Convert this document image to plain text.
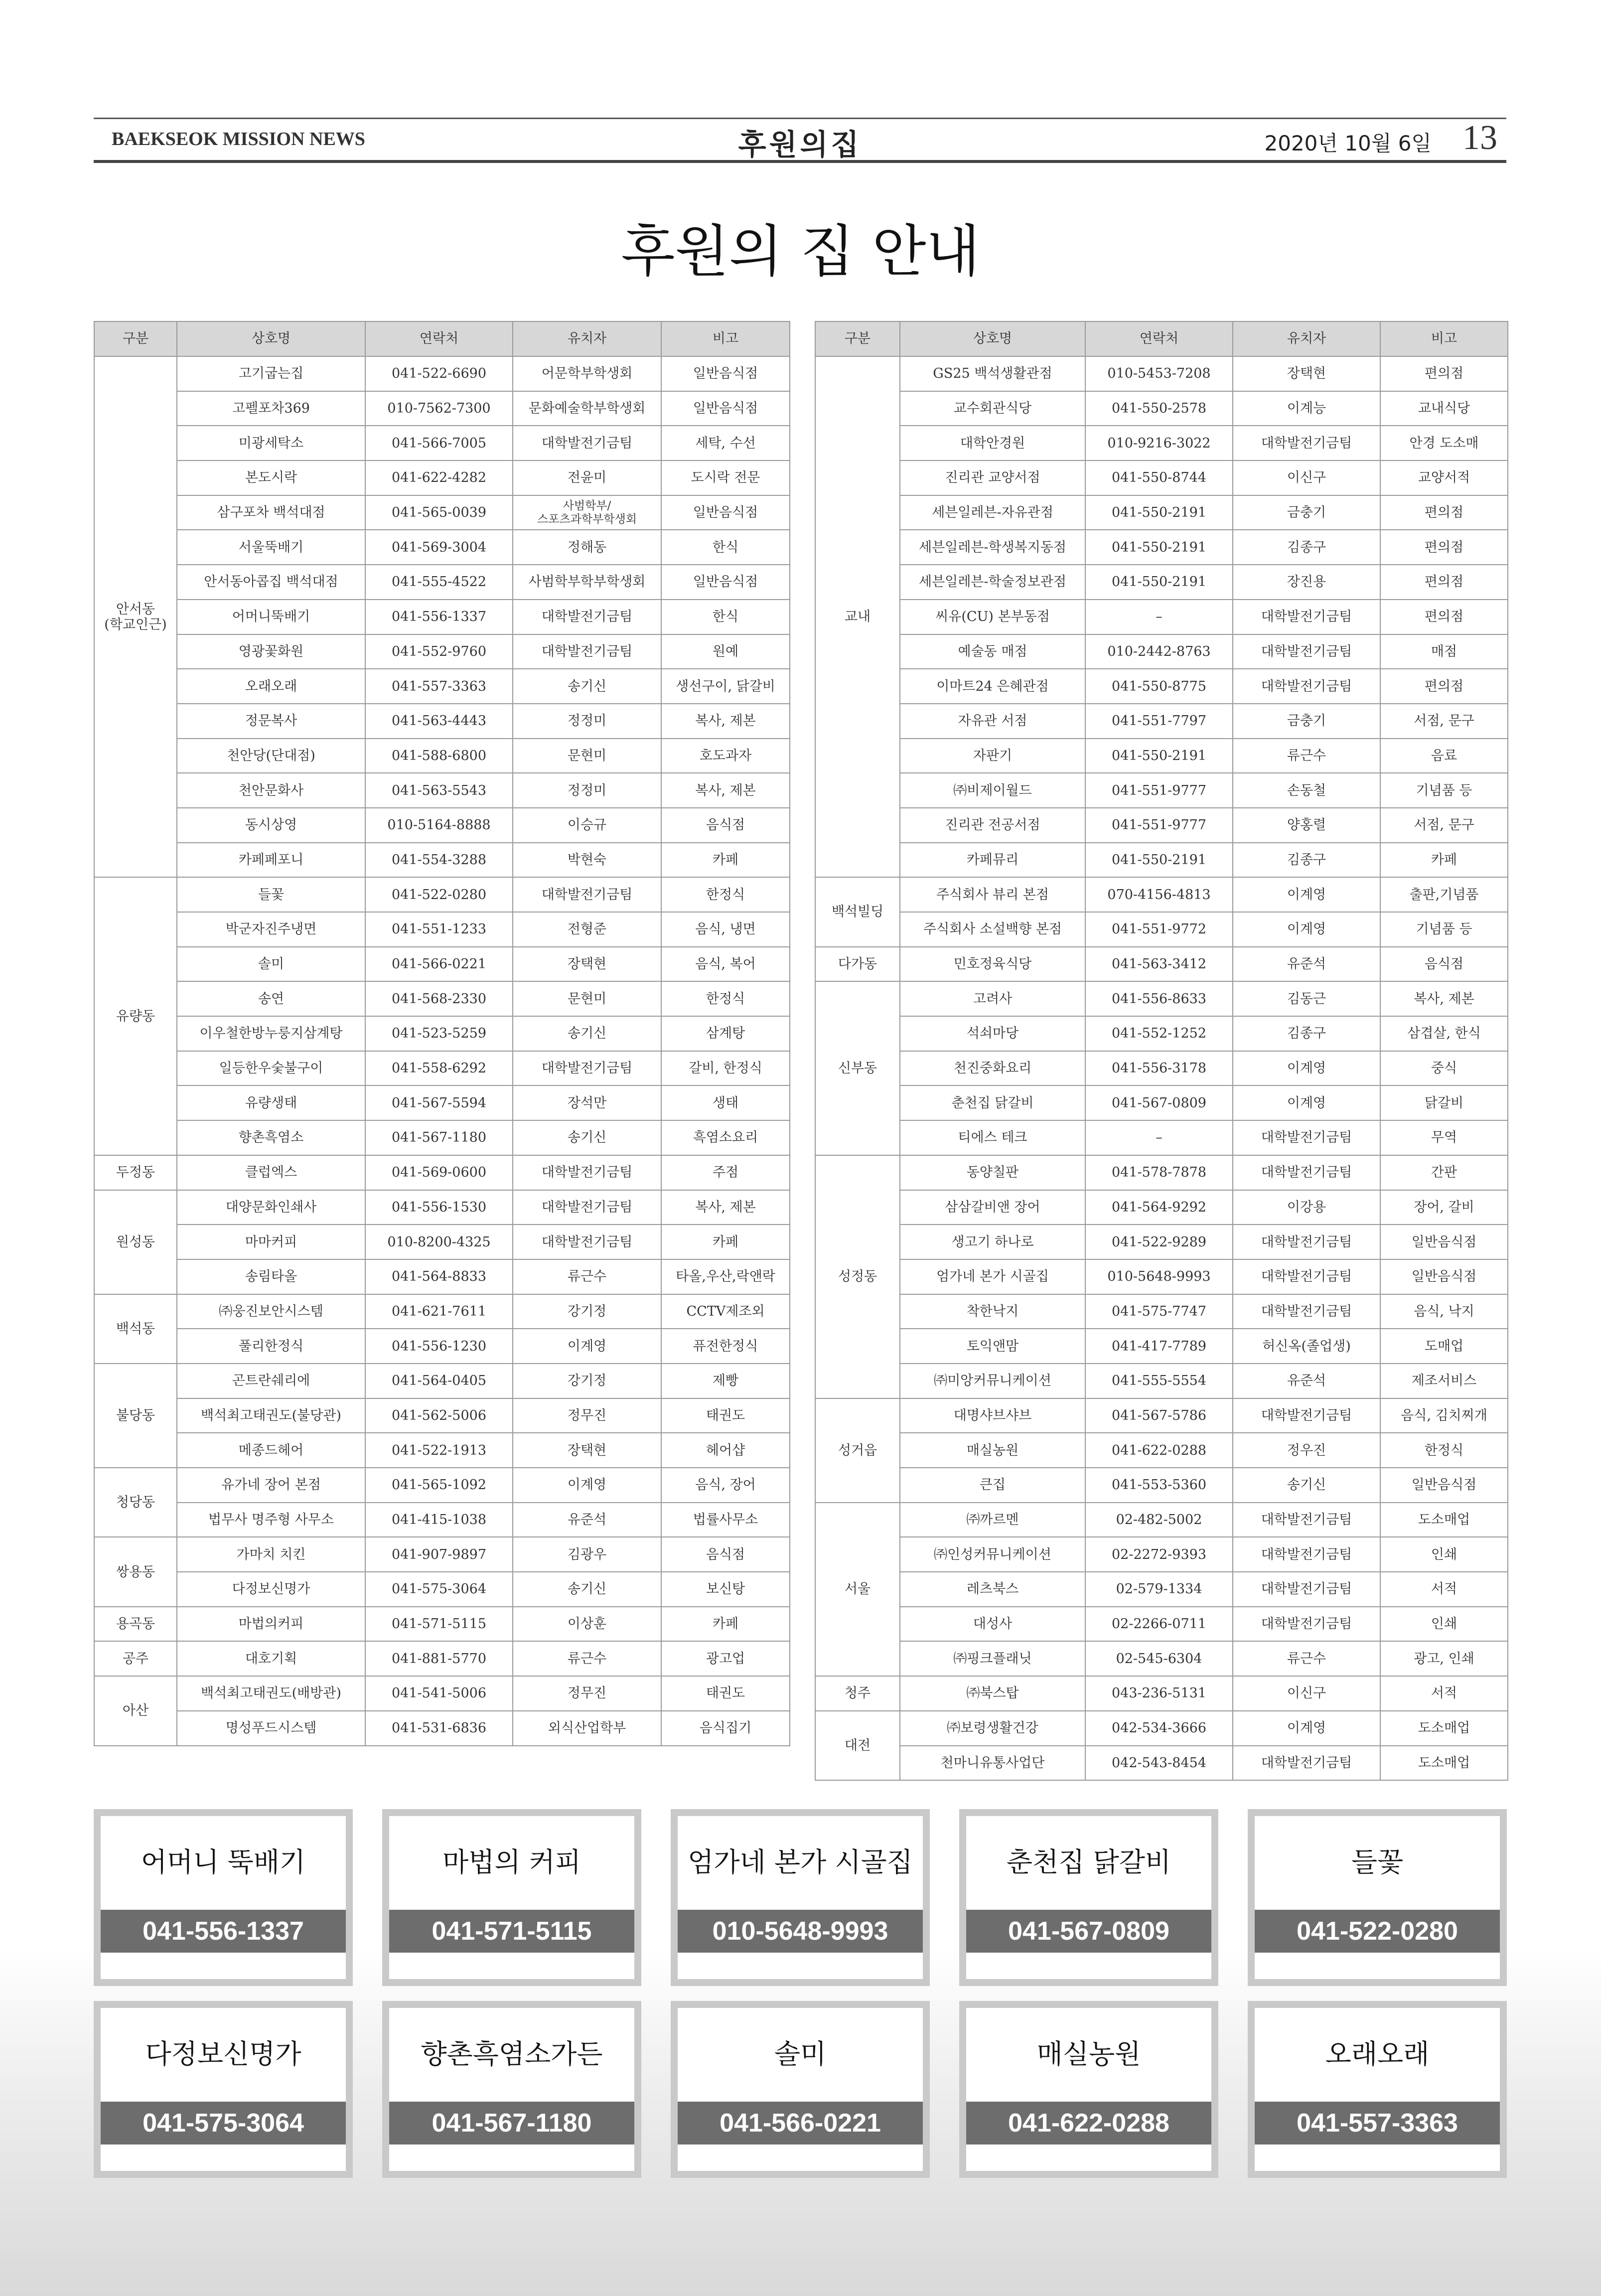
BAEKSEOK MISSION NEWS	후원의집	2020년 10월 6일 13
후원의 집 안내
구분	상호명	연락처	유치자	비고
안서동
(학교인근)	고기굽는집	041-522-6690	어문학부학생회	일반음식점
	고펠포차369	010-7562-7300	문화예술학부학생회	일반음식점
	미광세탁소	041-566-7005	대학발전기금팀	세탁, 수선
	본도시락	041-622-4282	전윤미	도시락 전문
	삼구포차 백석대점	041-565-0039	사범학부/
스포츠과학부학생회	일반음식점
	서울뚝배기	041-569-3004	정해동	한식
	안서동아콥집 백석대점	041-555-4522	사범학부학부학생회	일반음식점
	어머니뚝배기	041-556-1337	대학발전기금팀	한식
	영광꽃화원	041-552-9760	대학발전기금팀	원예
	오래오래	041-557-3363	송기신	생선구이, 닭갈비
	정문복사	041-563-4443	정정미	복사, 제본
	천안당(단대점)	041-588-6800	문현미	호도과자
	천안문화사	041-563-5543	정정미	복사, 제본
	동시상영	010-5164-8888	이승규	음식점
	카페페포니	041-554-3288	박현숙	카페
유량동	들꽃	041-522-0280	대학발전기금팀	한정식
	박군자진주냉면	041-551-1233	전형준	음식, 냉면
	솔미	041-566-0221	장택현	음식, 복어
	송연	041-568-2330	문현미	한정식
	이우철한방누룽지삼계탕	041-523-5259	송기신	삼계탕
	일등한우숯불구이	041-558-6292	대학발전기금팀	갈비, 한정식
	유량생태	041-567-5594	장석만	생태
	향촌흑염소	041-567-1180	송기신	흑염소요리
두정동	클럽엑스	041-569-0600	대학발전기금팀	주점
원성동	대양문화인쇄사	041-556-1530	대학발전기금팀	복사, 제본
	마마커피	010-8200-4325	대학발전기금팀	카페
	송림타올	041-564-8833	류근수	타올,우산,락앤락
백석동	㈜웅진보안시스템	041-621-7611	강기정	CCTV제조외
	풀리한정식	041-556-1230	이계영	퓨전한정식
불당동	곤트란쉐리에	041-564-0405	강기정	제빵
	백석최고태권도(불당관)	041-562-5006	정무진	태권도
	메종드헤어	041-522-1913	장택현	헤어샵
청당동	유가네 장어 본점	041-565-1092	이계영	음식, 장어
	법무사 명주형 사무소	041-415-1038	유준석	법률사무소
쌍용동	가마치 치킨	041-907-9897	김광우	음식점
	다정보신명가	041-575-3064	송기신	보신탕
용곡동	마법의커피	041-571-5115	이상훈	카페
공주	대호기획	041-881-5770	류근수	광고업
아산	백석최고태권도(배방관)	041-541-5006	정무진	태권도
	명성푸드시스템	041-531-6836	외식산업학부	음식집기
구분	상호명	연락처	유치자	비고
교내	GS25 백석생활관점	010-5453-7208	장택현	편의점
	교수회관식당	041-550-2578	이계능	교내식당
	대학안경원	010-9216-3022	대학발전기금팀	안경 도소매
	진리관 교양서점	041-550-8744	이신구	교양서적
	세븐일레븐-자유관점	041-550-2191	금충기	편의점
	세븐일레븐-학생복지동점	041-550-2191	김종구	편의점
	세븐일레븐-학술정보관점	041-550-2191	장진용	편의점
	씨유(CU) 본부동점	–	대학발전기금팀	편의점
	예술동 매점	010-2442-8763	대학발전기금팀	매점
	이마트24 은혜관점	041-550-8775	대학발전기금팀	편의점
	자유관 서점	041-551-7797	금충기	서점, 문구
	자판기	041-550-2191	류근수	음료
	㈜비제이월드	041-551-9777	손동철	기념품 등
	진리관 전공서점	041-551-9777	양홍렬	서점, 문구
	카페뮤리	041-550-2191	김종구	카페
백석빌딩	주식회사 뷰리 본점	070-4156-4813	이계영	출판,기념품
	주식회사 소설백향 본점	041-551-9772	이계영	기념품 등
다가동	민호정육식당	041-563-3412	유준석	음식점
신부동	고려사	041-556-8633	김동근	복사, 제본
	석쇠마당	041-552-1252	김종구	삼겹살, 한식
	천진중화요리	041-556-3178	이계영	중식
	춘천집 닭갈비	041-567-0809	이계영	닭갈비
	티에스 테크	–	대학발전기금팀	무역
성정동	동양칠판	041-578-7878	대학발전기금팀	간판
	삼삼갈비앤 장어	041-564-9292	이강용	장어, 갈비
	생고기 하나로	041-522-9289	대학발전기금팀	일반음식점
	엄가네 본가 시골집	010-5648-9993	대학발전기금팀	일반음식점
	착한낙지	041-575-7747	대학발전기금팀	음식, 낙지
	토익앤맘	041-417-7789	허신옥(졸업생)	도매업
	㈜미앙커뮤니케이션	041-555-5554	유준석	제조서비스
성거읍	대명샤브샤브	041-567-5786	대학발전기금팀	음식, 김치찌개
	매실농원	041-622-0288	정우진	한정식
	큰집	041-553-5360	송기신	일반음식점
서울	㈜까르멘	02-482-5002	대학발전기금팀	도소매업
	㈜인성커뮤니케이션	02-2272-9393	대학발전기금팀	인쇄
	레츠북스	02-579-1334	대학발전기금팀	서적
	대성사	02-2266-0711	대학발전기금팀	인쇄
	㈜핑크플래닛	02-545-6304	류근수	광고, 인쇄
청주	㈜북스탑	043-236-5131	이신구	서적
대전	㈜보령생활건강	042-534-3666	이계영	도소매업
	천마니유통사업단	042-543-8454	대학발전기금팀	도소매업
어머니 뚝배기
041-556-1337
마법의 커피
041-571-5115
엄가네 본가 시골집
010-5648-9993
춘천집 닭갈비
041-567-0809
들꽃
041-522-0280
다정보신명가
041-575-3064
향촌흑염소가든
041-567-1180
솔미
041-566-0221
매실농원
041-622-0288
오래오래
041-557-3363
